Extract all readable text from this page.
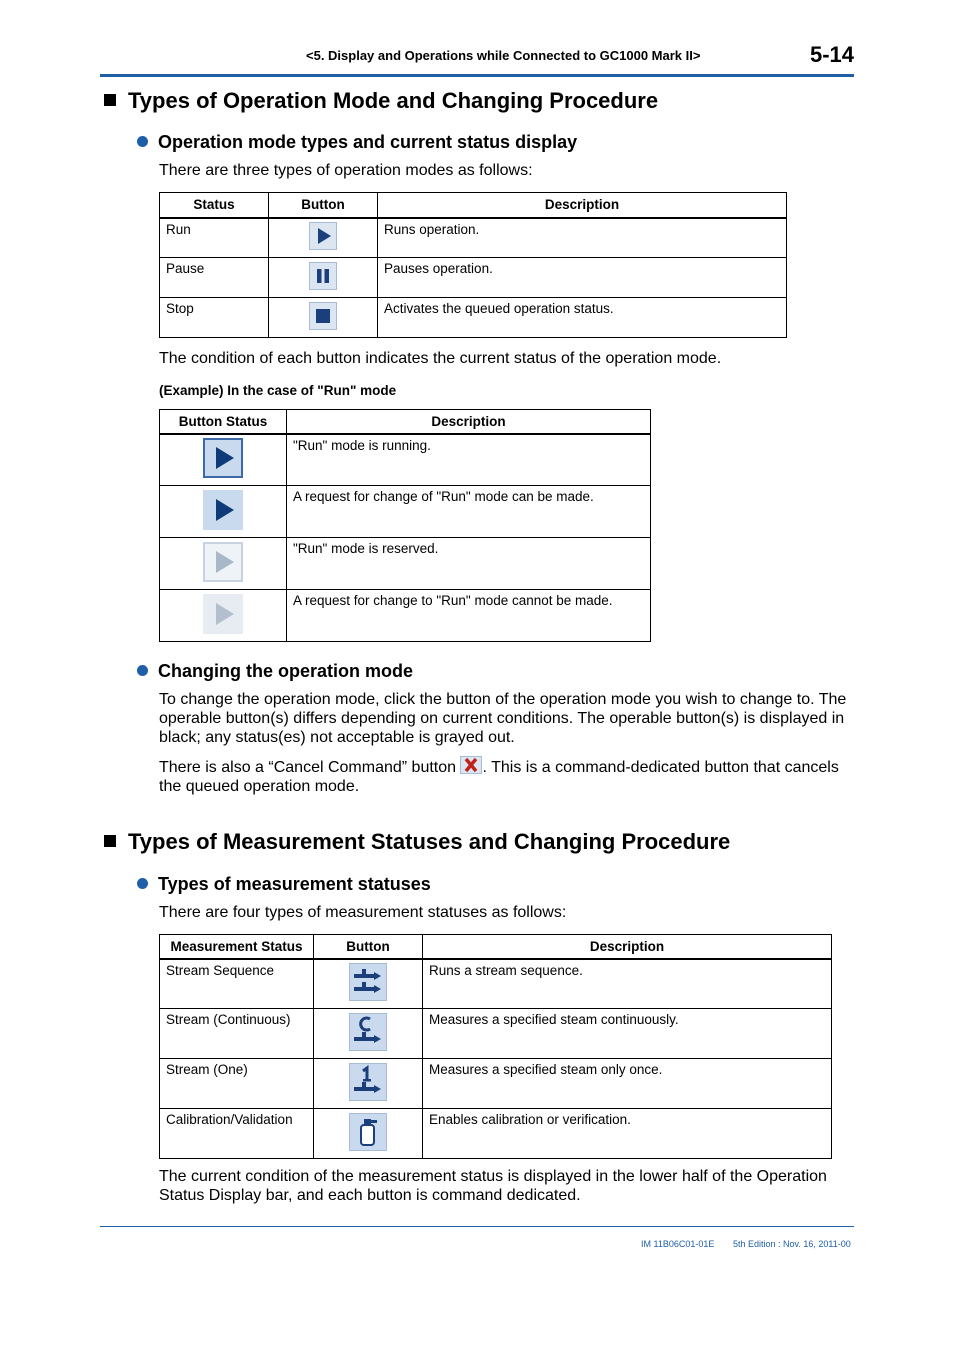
<5. Display and Operations while Connected to GC1000 Mark II>	5-14
Types of Operation Mode and Changing Procedure
Operation mode types and current status display
There are three types of operation modes as follows:
Status	Button	Description

Run		Runs operation.

Pause		Pauses operation.

Stop		Activates the queued operation status.
The condition of each button indicates the current status of the operation mode.
(Example) In the case of "Run" mode
Button Status	Description

"Run" mode is running.

A request for change of "Run" mode can be made.

"Run" mode is reserved.

A request for change to "Run" mode cannot be made.
Changing the operation mode
To change the operation mode, click the button of the operation mode you wish to change to. The operable button(s) differs depending on current conditions. The operable button(s) is displayed in black; any status(es) not acceptable is grayed out.
There is also a “Cancel Command” button . This is a command-dedicated button that cancels the queued operation mode.
Types of Measurement Statuses and Changing Procedure
Types of measurement statuses
There are four types of measurement statuses as follows:
Measurement Status	Button	Description

Stream Sequence		Runs a stream sequence.

Stream (Continuous)		Measures a specified steam continuously.

Stream (One)		Measures a specified steam only once.

Calibration/Validation		Enables calibration or verification.
The current condition of the measurement status is displayed in the lower half of the Operation Status Display bar, and each button is command dedicated.
IM 11B06C01-01E 5th Edition : Nov. 16, 2011-00
